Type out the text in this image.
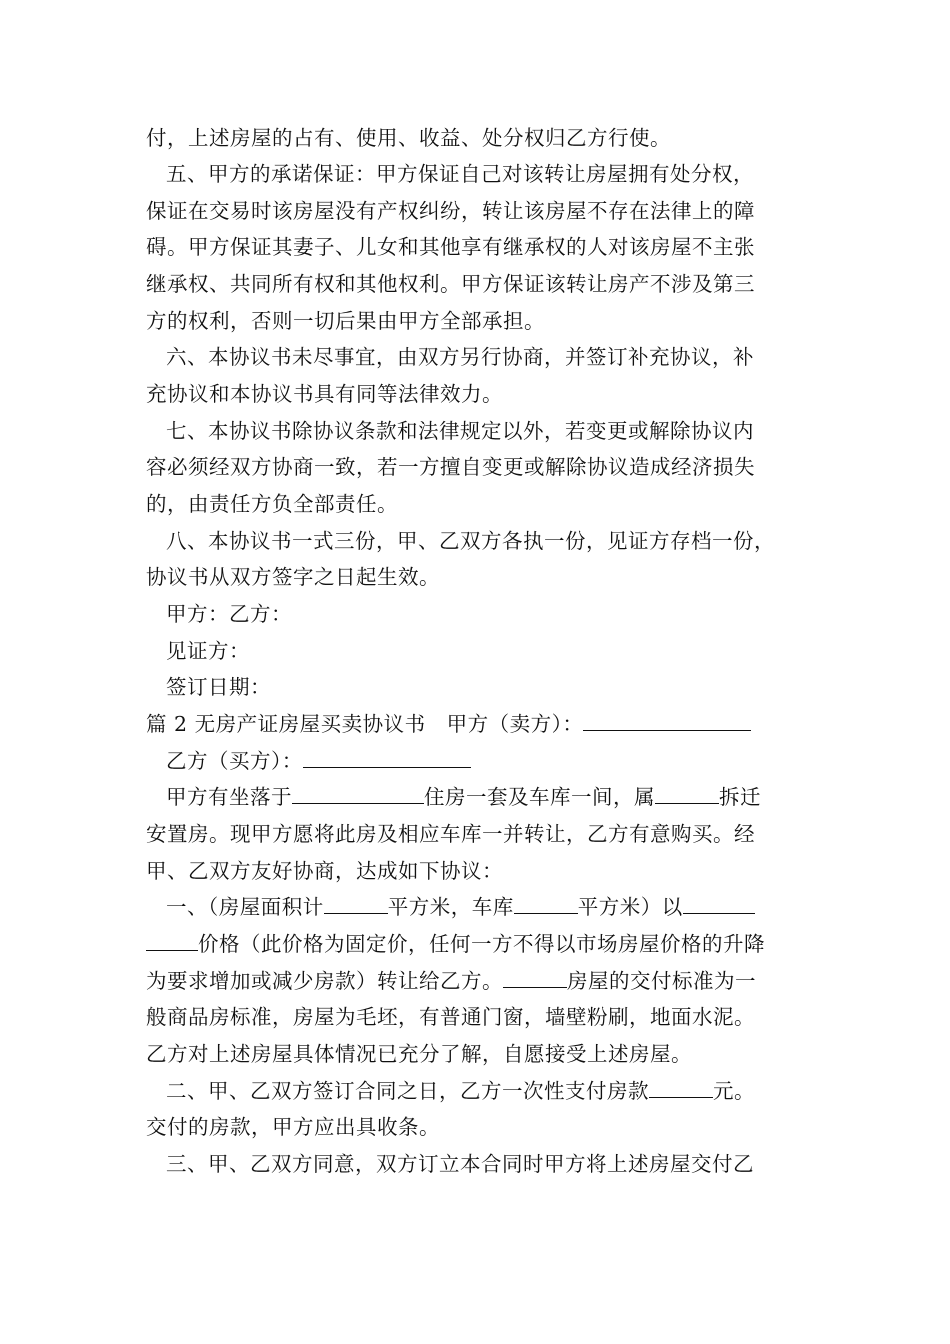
付，上述房屋的占有、使用、收益、处分权归乙方行使。
五、甲方的承诺保证：甲方保证自己对该转让房屋拥有处分权，
保证在交易时该房屋没有产权纠纷，转让该房屋不存在法律上的障
碍。甲方保证其妻子、儿女和其他享有继承权的人对该房屋不主张
继承权、共同所有权和其他权利。甲方保证该转让房产不涉及第三
方的权利，否则一切后果由甲方全部承担。
六、本协议书未尽事宜，由双方另行协商，并签订补充协议，补
充协议和本协议书具有同等法律效力。
七、本协议书除协议条款和法律规定以外，若变更或解除协议内
容必须经双方协商一致，若一方擅自变更或解除协议造成经济损失
的，由责任方负全部责任。
八、本协议书一式三份，甲、乙双方各执一份，见证方存档一份，
协议书从双方签字之日起生效。
甲方：乙方：
见证方：
签订日期：
篇 2 无房产证房屋买卖协议书　甲方（卖方）：
乙方（买方）：
甲方有坐落于	住房一套及车库一间，属	拆迁
安置房。现甲方愿将此房及相应车库一并转让，乙方有意购买。经
甲、乙双方友好协商，达成如下协议：
一、（房屋面积计	平方米，车库	平方米）以
价格（此价格为固定价，任何一方不得以市场房屋价格的升降
为要求增加或减少房款）转让给乙方。	房屋的交付标准为一
般商品房标准，房屋为毛坯，有普通门窗，墙壁粉刷，地面水泥。
乙方对上述房屋具体情况已充分了解，自愿接受上述房屋。
二、甲、乙双方签订合同之日，乙方一次性支付房款	元。
交付的房款，甲方应出具收条。
三、甲、乙双方同意，双方订立本合同时甲方将上述房屋交付乙
